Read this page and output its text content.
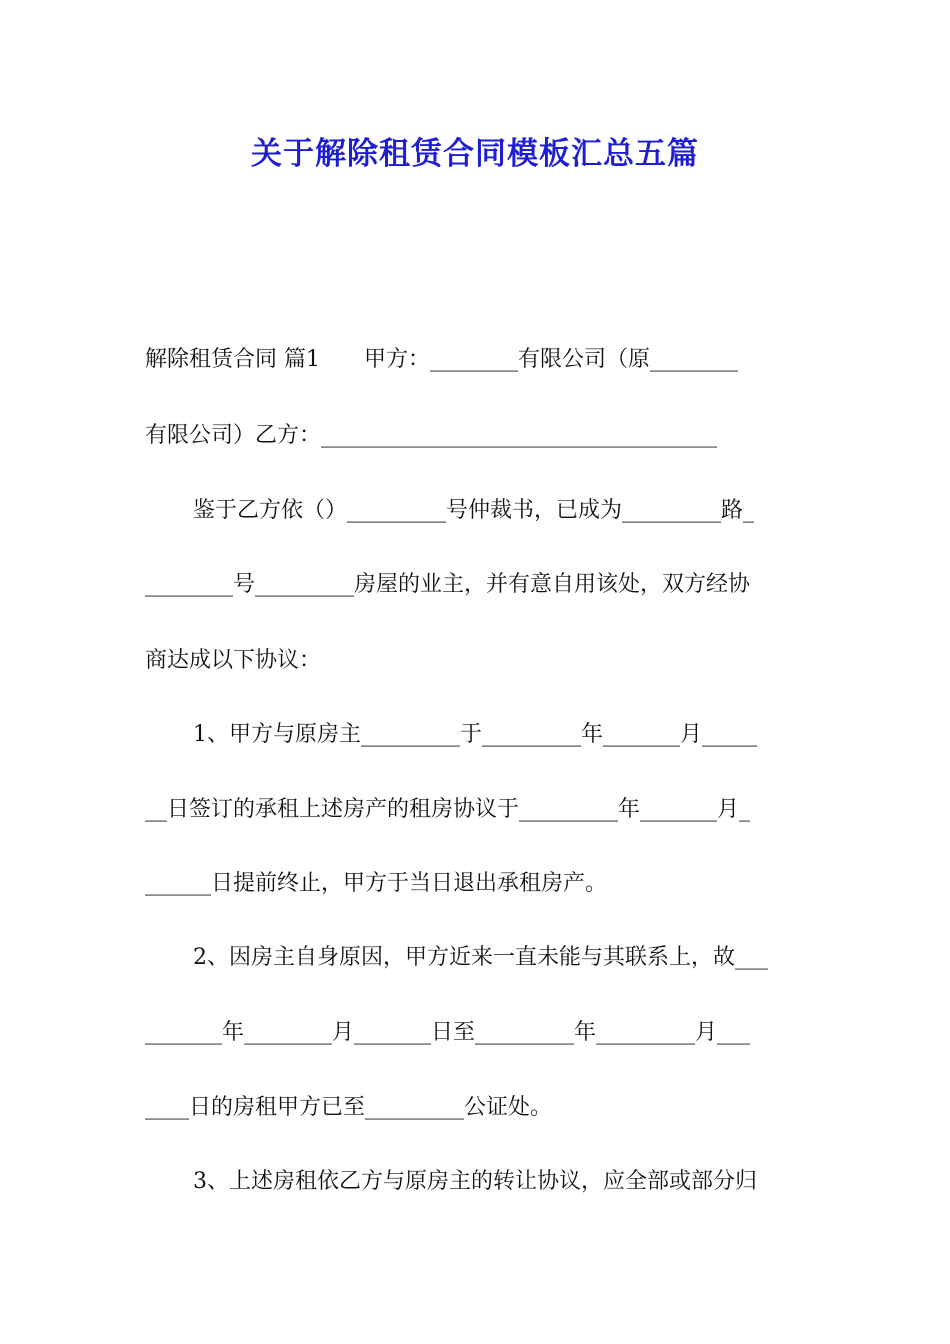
关于解除租赁合同模板汇总五篇

解除租赁合同 篇1　　甲方：________有限公司（原________

有限公司）乙方：____________________________________

鉴于乙方依（）_________号仲裁书，已成为_________路_

________号_________房屋的业主，并有意自用该处，双方经协

商达成以下协议：

1、甲方与原房主_________于_________年_______月_____

__日签订的承租上述房产的租房协议于_________年_______月_

______日提前终止，甲方于当日退出承租房产。

2、因房主自身原因，甲方近来一直未能与其联系上，故___

_______年________月_______日至_________年_________月___

____日的房租甲方已至_________公证处。

3、上述房租依乙方与原房主的转让协议，应全部或部分归
